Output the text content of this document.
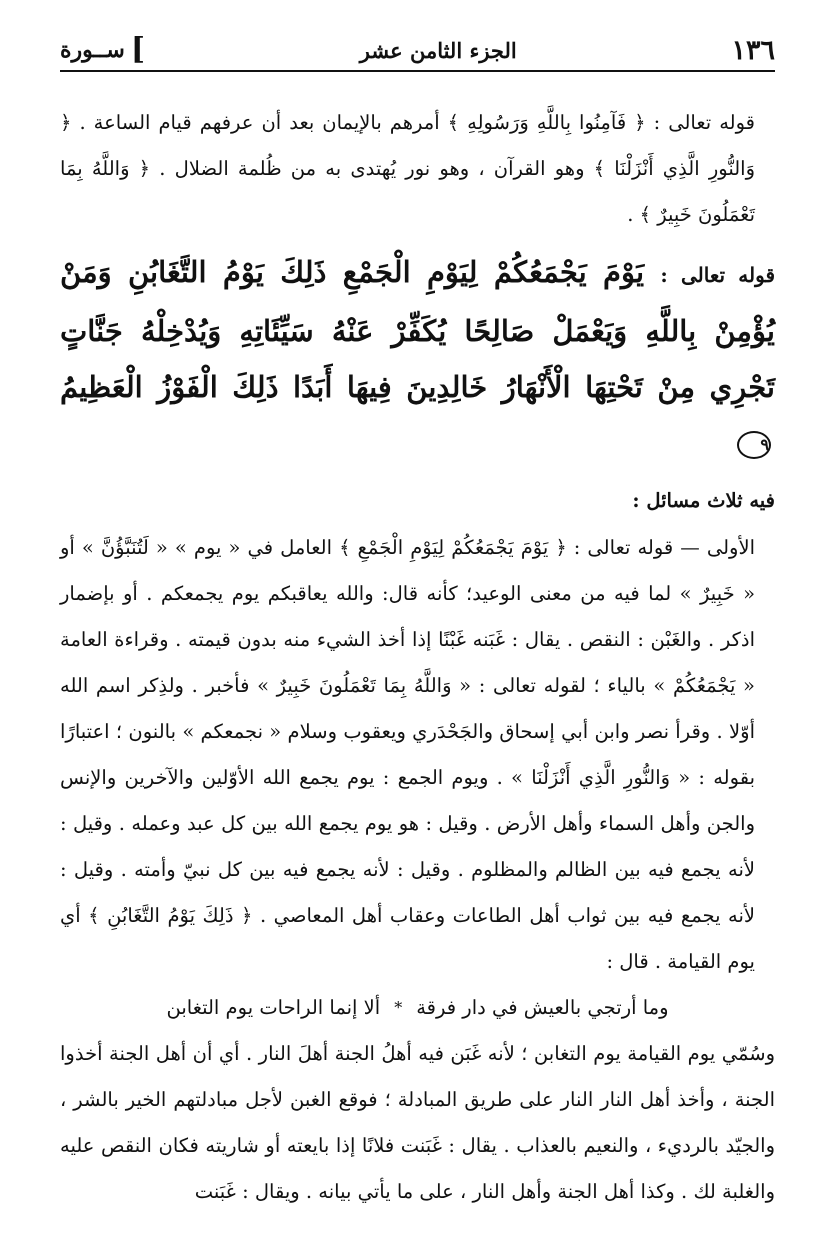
ســورة [	الجزء الثامن عشر	١٣٦

قوله تعالى : ﴿ فَآمِنُوا بِاللَّهِ وَرَسُولِهِ ﴾ أمرهم بالإيمان بعد أن عرفهم قيام الساعة . ﴿ وَالنُّورِ الَّذِي أَنْزَلْنَا ﴾ وهو القرآن ، وهو نور يُهتدى به من ظُلمة الضلال . ﴿ وَاللَّهُ بِمَا تَعْمَلُونَ خَبِيرٌ ﴾ .

قوله تعالى : يَوْمَ يَجْمَعُكُمْ لِيَوْمِ الْجَمْعِ ذَلِكَ يَوْمُ التَّغَابُنِ وَمَنْ يُؤْمِنْ بِاللَّهِ وَيَعْمَلْ صَالِحًا يُكَفِّرْ عَنْهُ سَيِّئَاتِهِ وَيُدْخِلْهُ جَنَّاتٍ تَجْرِي مِنْ تَحْتِهَا الْأَنْهَارُ خَالِدِينَ فِيهَا أَبَدًا ذَلِكَ الْفَوْزُ الْعَظِيمُ ٩

فيه ثلاث مسائل :

الأولى — قوله تعالى : ﴿ يَوْمَ يَجْمَعُكُمْ لِيَوْمِ الْجَمْعِ ﴾ العامل في « يوم » « لَتُنَبَّؤُنَّ » أو « خَبِيرٌ » لما فيه من معنى الوعيد؛ كأنه قال: والله يعاقبكم يوم يجمعكم . أو بإضمار اذكر . والغَبْن : النقص . يقال : غَبَنه غَبْنًا إذا أخذ الشيء منه بدون قيمته . وقراءة العامة « يَجْمَعُكُمْ » بالياء ؛ لقوله تعالى : « وَاللَّهُ بِمَا تَعْمَلُونَ خَبِيرٌ » فأخبر . ولذِكر اسم الله أوّلا . وقرأ نصر وابن أبي إسحاق والجَحْدَري ويعقوب وسلام « نجمعكم » بالنون ؛ اعتبارًا بقوله : « وَالنُّورِ الَّذِي أَنْزَلْنَا » . ويوم الجمع : يوم يجمع الله الأوّلين والآخرين والإنس والجن وأهل السماء وأهل الأرض . وقيل : هو يوم يجمع الله بين كل عبد وعمله . وقيل : لأنه يجمع فيه بين الظالم والمظلوم . وقيل : لأنه يجمع فيه بين كل نبيّ وأمته . وقيل : لأنه يجمع فيه بين ثواب أهل الطاعات وعقاب أهل المعاصي . ﴿ ذَلِكَ يَوْمُ التَّغَابُنِ ﴾ أي يوم القيامة . قال :

وما أرتجي بالعيش في دار فرقة
*
ألا إنما الراحات يوم التغابن

وسُمّي يوم القيامة يوم التغابن ؛ لأنه غَبَن فيه أهلُ الجنة أهلَ النار . أي أن أهل الجنة أخذوا الجنة ، وأخذ أهل النار النار على طريق المبادلة ؛ فوقع الغبن لأجل مبادلتهم الخير بالشر ، والجيّد بالرديء ، والنعيم بالعذاب . يقال : غَبَنت فلانًا إذا بايعته أو شاريته فكان النقص عليه والغلبة لك . وكذا أهل الجنة وأهل النار ، على ما يأتي بيانه . ويقال : غَبَنت
